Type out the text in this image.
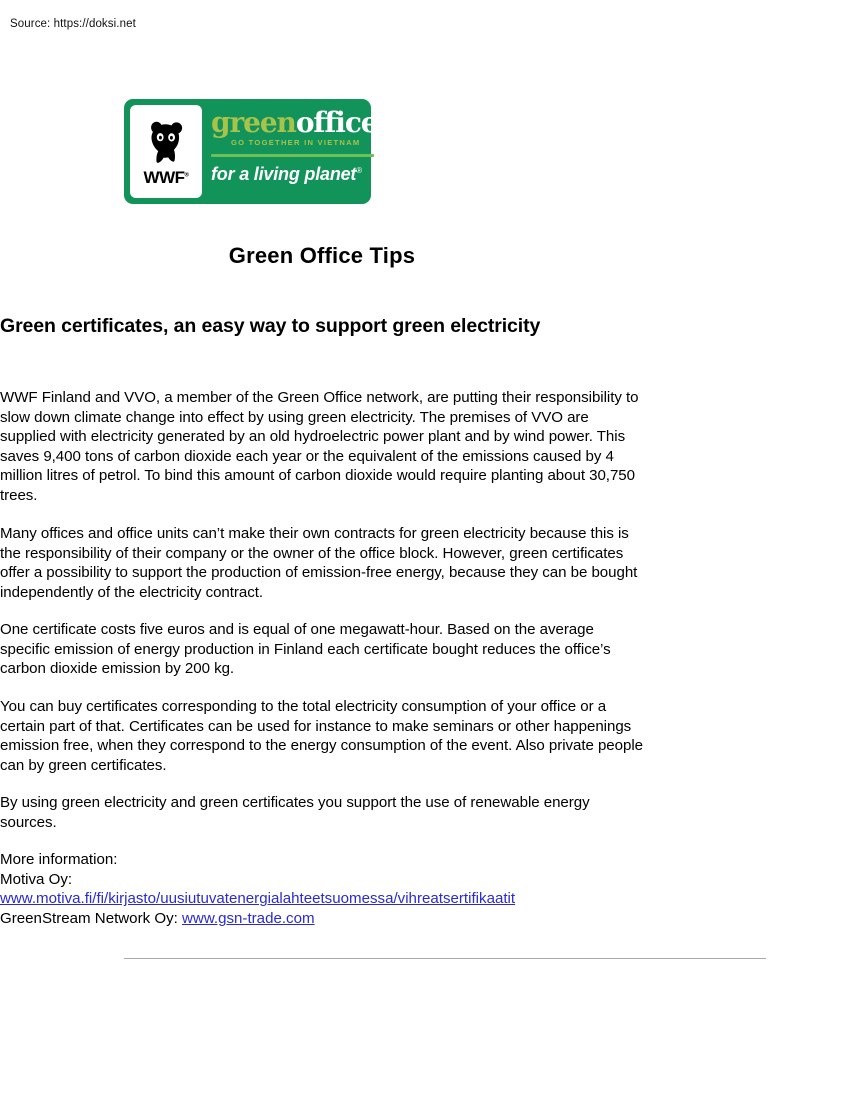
Source: https://doksi.net
WWF®
greenoffice
GO TOGETHER IN VIETNAM
for a living planet®
Green Office Tips
Green certificates, an easy way to support green electricity

WWF Finland and VVO, a member of the Green Office network, are putting their responsibility to slow down climate change into effect by using green electricity. The premises of VVO are supplied with electricity generated by an old hydroelectric power plant and by wind power. This saves 9,400 tons of carbon dioxide each year or the equivalent of the emissions caused by 4 million litres of petrol. To bind this amount of carbon dioxide would require planting about 30,750 trees.

Many offices and office units can’t make their own contracts for green electricity because this is the responsibility of their company or the owner of the office block. However, green certificates offer a possibility to support the production of emission-free energy, because they can be bought independently of the electricity contract.

One certificate costs five euros and is equal of one megawatt-hour. Based on the average specific emission of energy production in Finland each certificate bought reduces the office’s carbon dioxide emission by 200 kg.

You can buy certificates corresponding to the total electricity consumption of your office or a certain part of that. Certificates can be used for instance to make seminars or other happenings emission free, when they correspond to the energy consumption of the event. Also private people can by green certificates.

By using green electricity and green certificates you support the use of renewable energy sources.

More information:
Motiva Oy:
www.motiva.fi/fi/kirjasto/uusiutuvatenergialahteetsuomessa/vihreatsertifikaatit
GreenStream Network Oy: www.gsn-trade.com
